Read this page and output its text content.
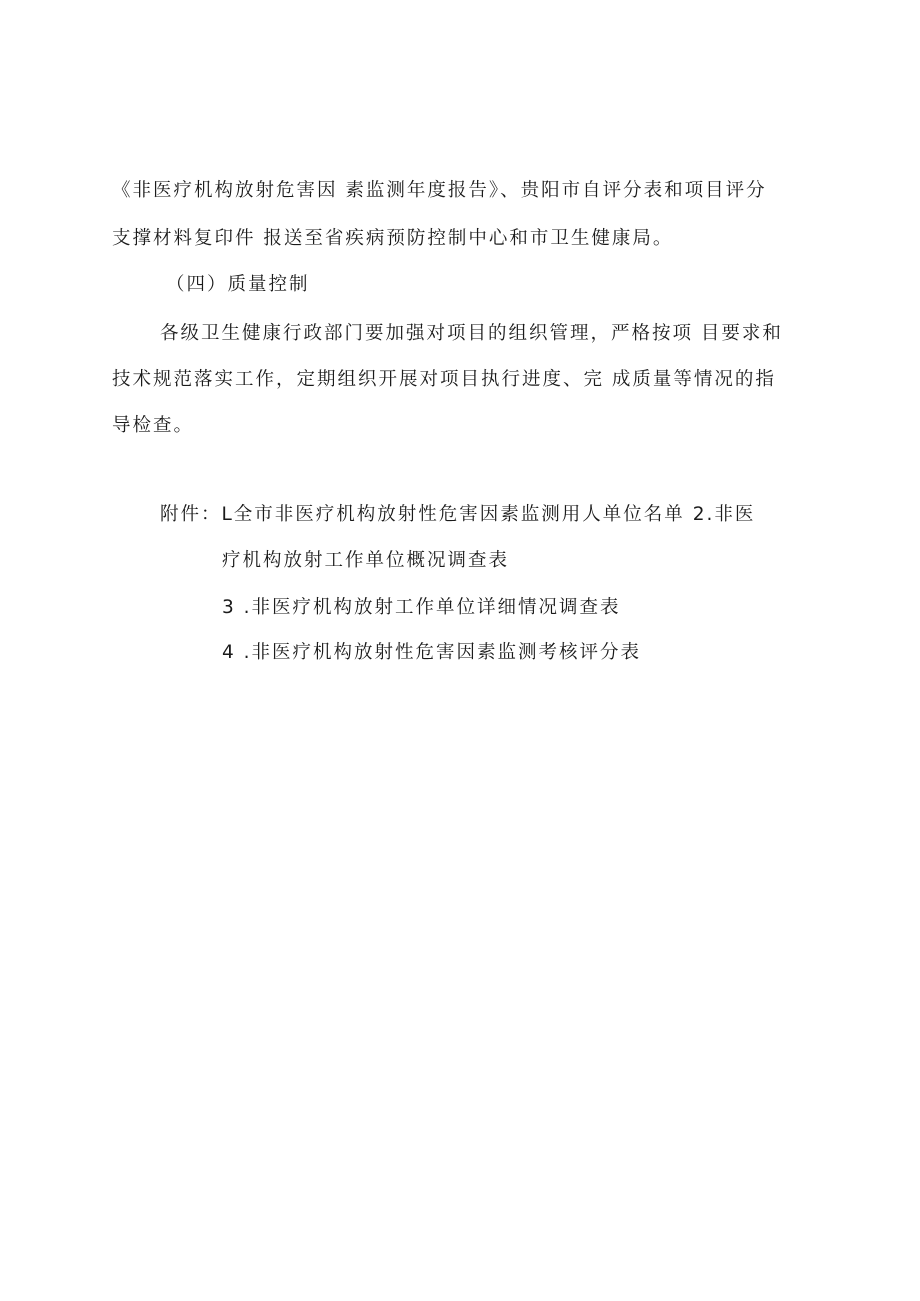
《非医疗机构放射危害因 素监测年度报告》、贵阳市自评分表和项目评分
支撑材料复印件 报送至省疾病预防控制中心和市卫生健康局。
（四）质量控制
各级卫生健康行政部门要加强对项目的组织管理，严格按项 目要求和
技术规范落实工作，定期组织开展对项目执行进度、完 成质量等情况的指
导检查。
附件：L全市非医疗机构放射性危害因素监测用人单位名单 2.非医
疗机构放射工作单位概况调查表
3 .非医疗机构放射工作单位详细情况调查表
4 .非医疗机构放射性危害因素监测考核评分表
